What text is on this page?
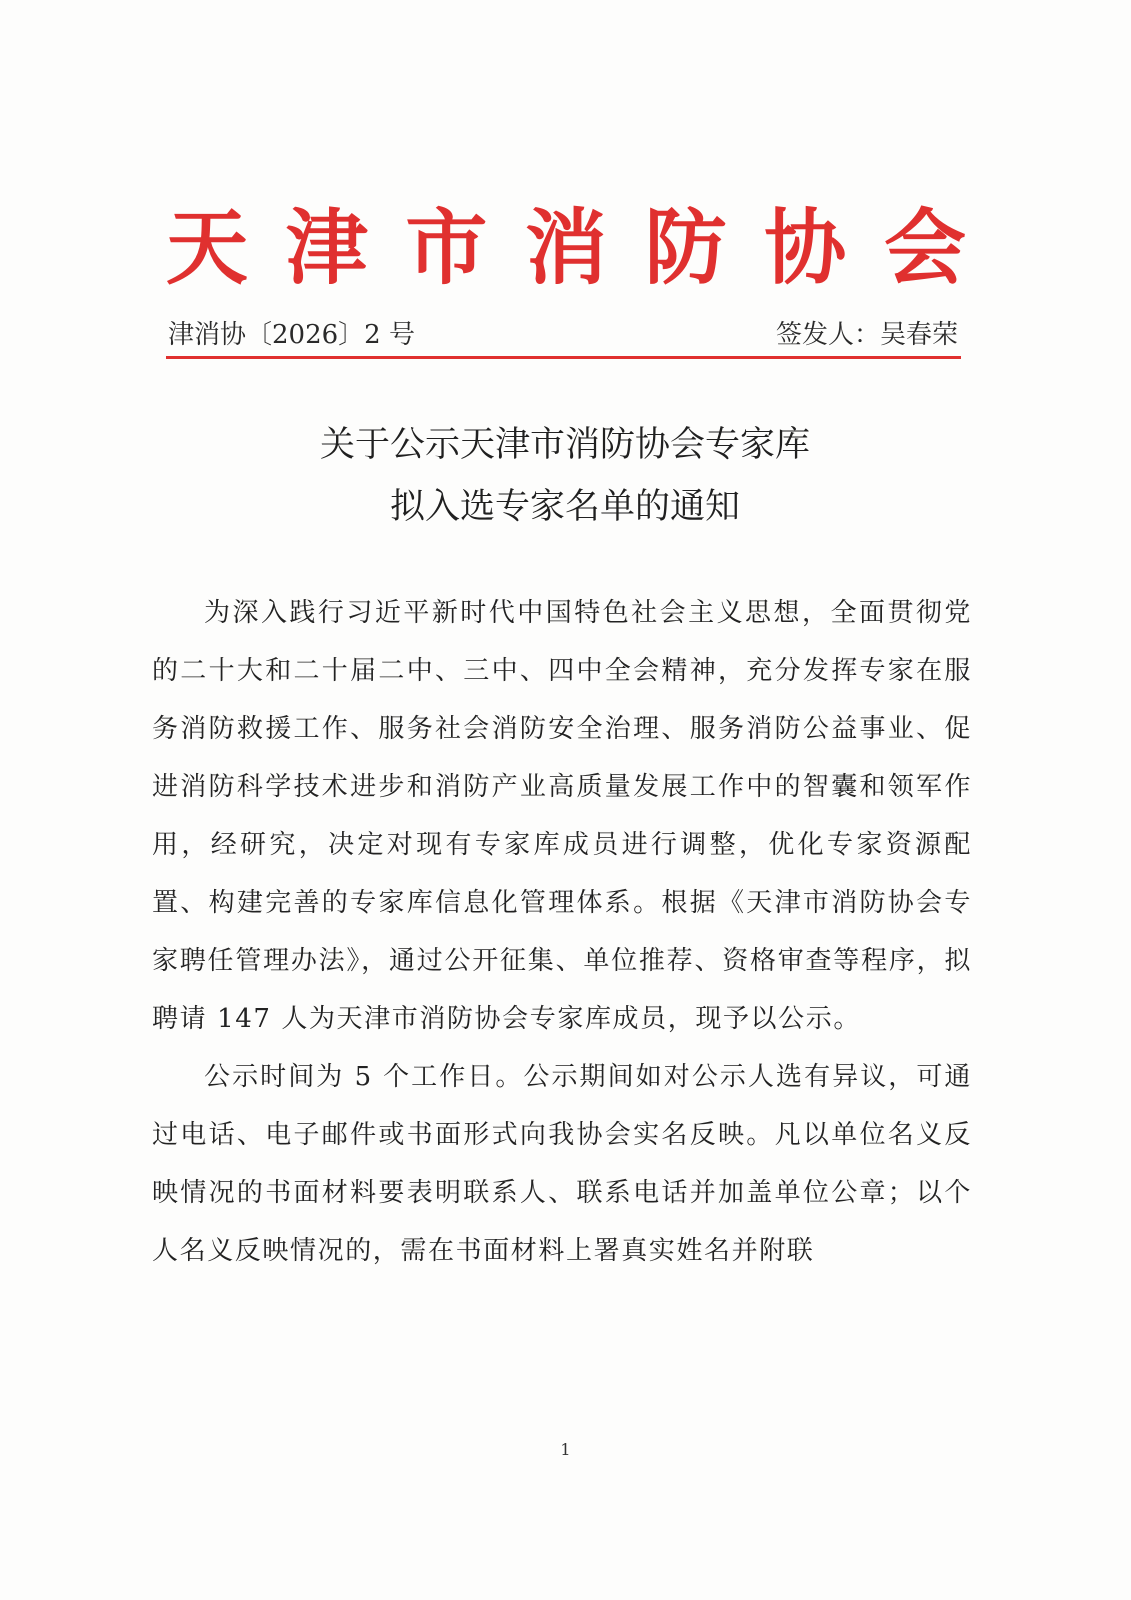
天 津 市 消 防 协 会
津消协〔2026〕2 号	签发人：吴春荣
关于公示天津市消防协会专家库
拟入选专家名单的通知

为深入践行习近平新时代中国特色社会主义思想，全面贯彻党的二十大和二十届二中、三中、四中全会精神，充分发挥专家在服务消防救援工作、服务社会消防安全治理、服务消防公益事业、促进消防科学技术进步和消防产业高质量发展工作中的智囊和领军作用，经研究，决定对现有专家库成员进行调整，优化专家资源配置、构建完善的专家库信息化管理体系。根据《天津市消防协会专家聘任管理办法》，通过公开征集、单位推荐、资格审查等程序，拟聘请 147 人为天津市消防协会专家库成员，现予以公示。

公示时间为 5 个工作日。公示期间如对公示人选有异议，可通过电话、电子邮件或书面形式向我协会实名反映。凡以单位名义反映情况的书面材料要表明联系人、联系电话并加盖单位公章；以个人名义反映情况的，需在书面材料上署真实姓名并附联

1
